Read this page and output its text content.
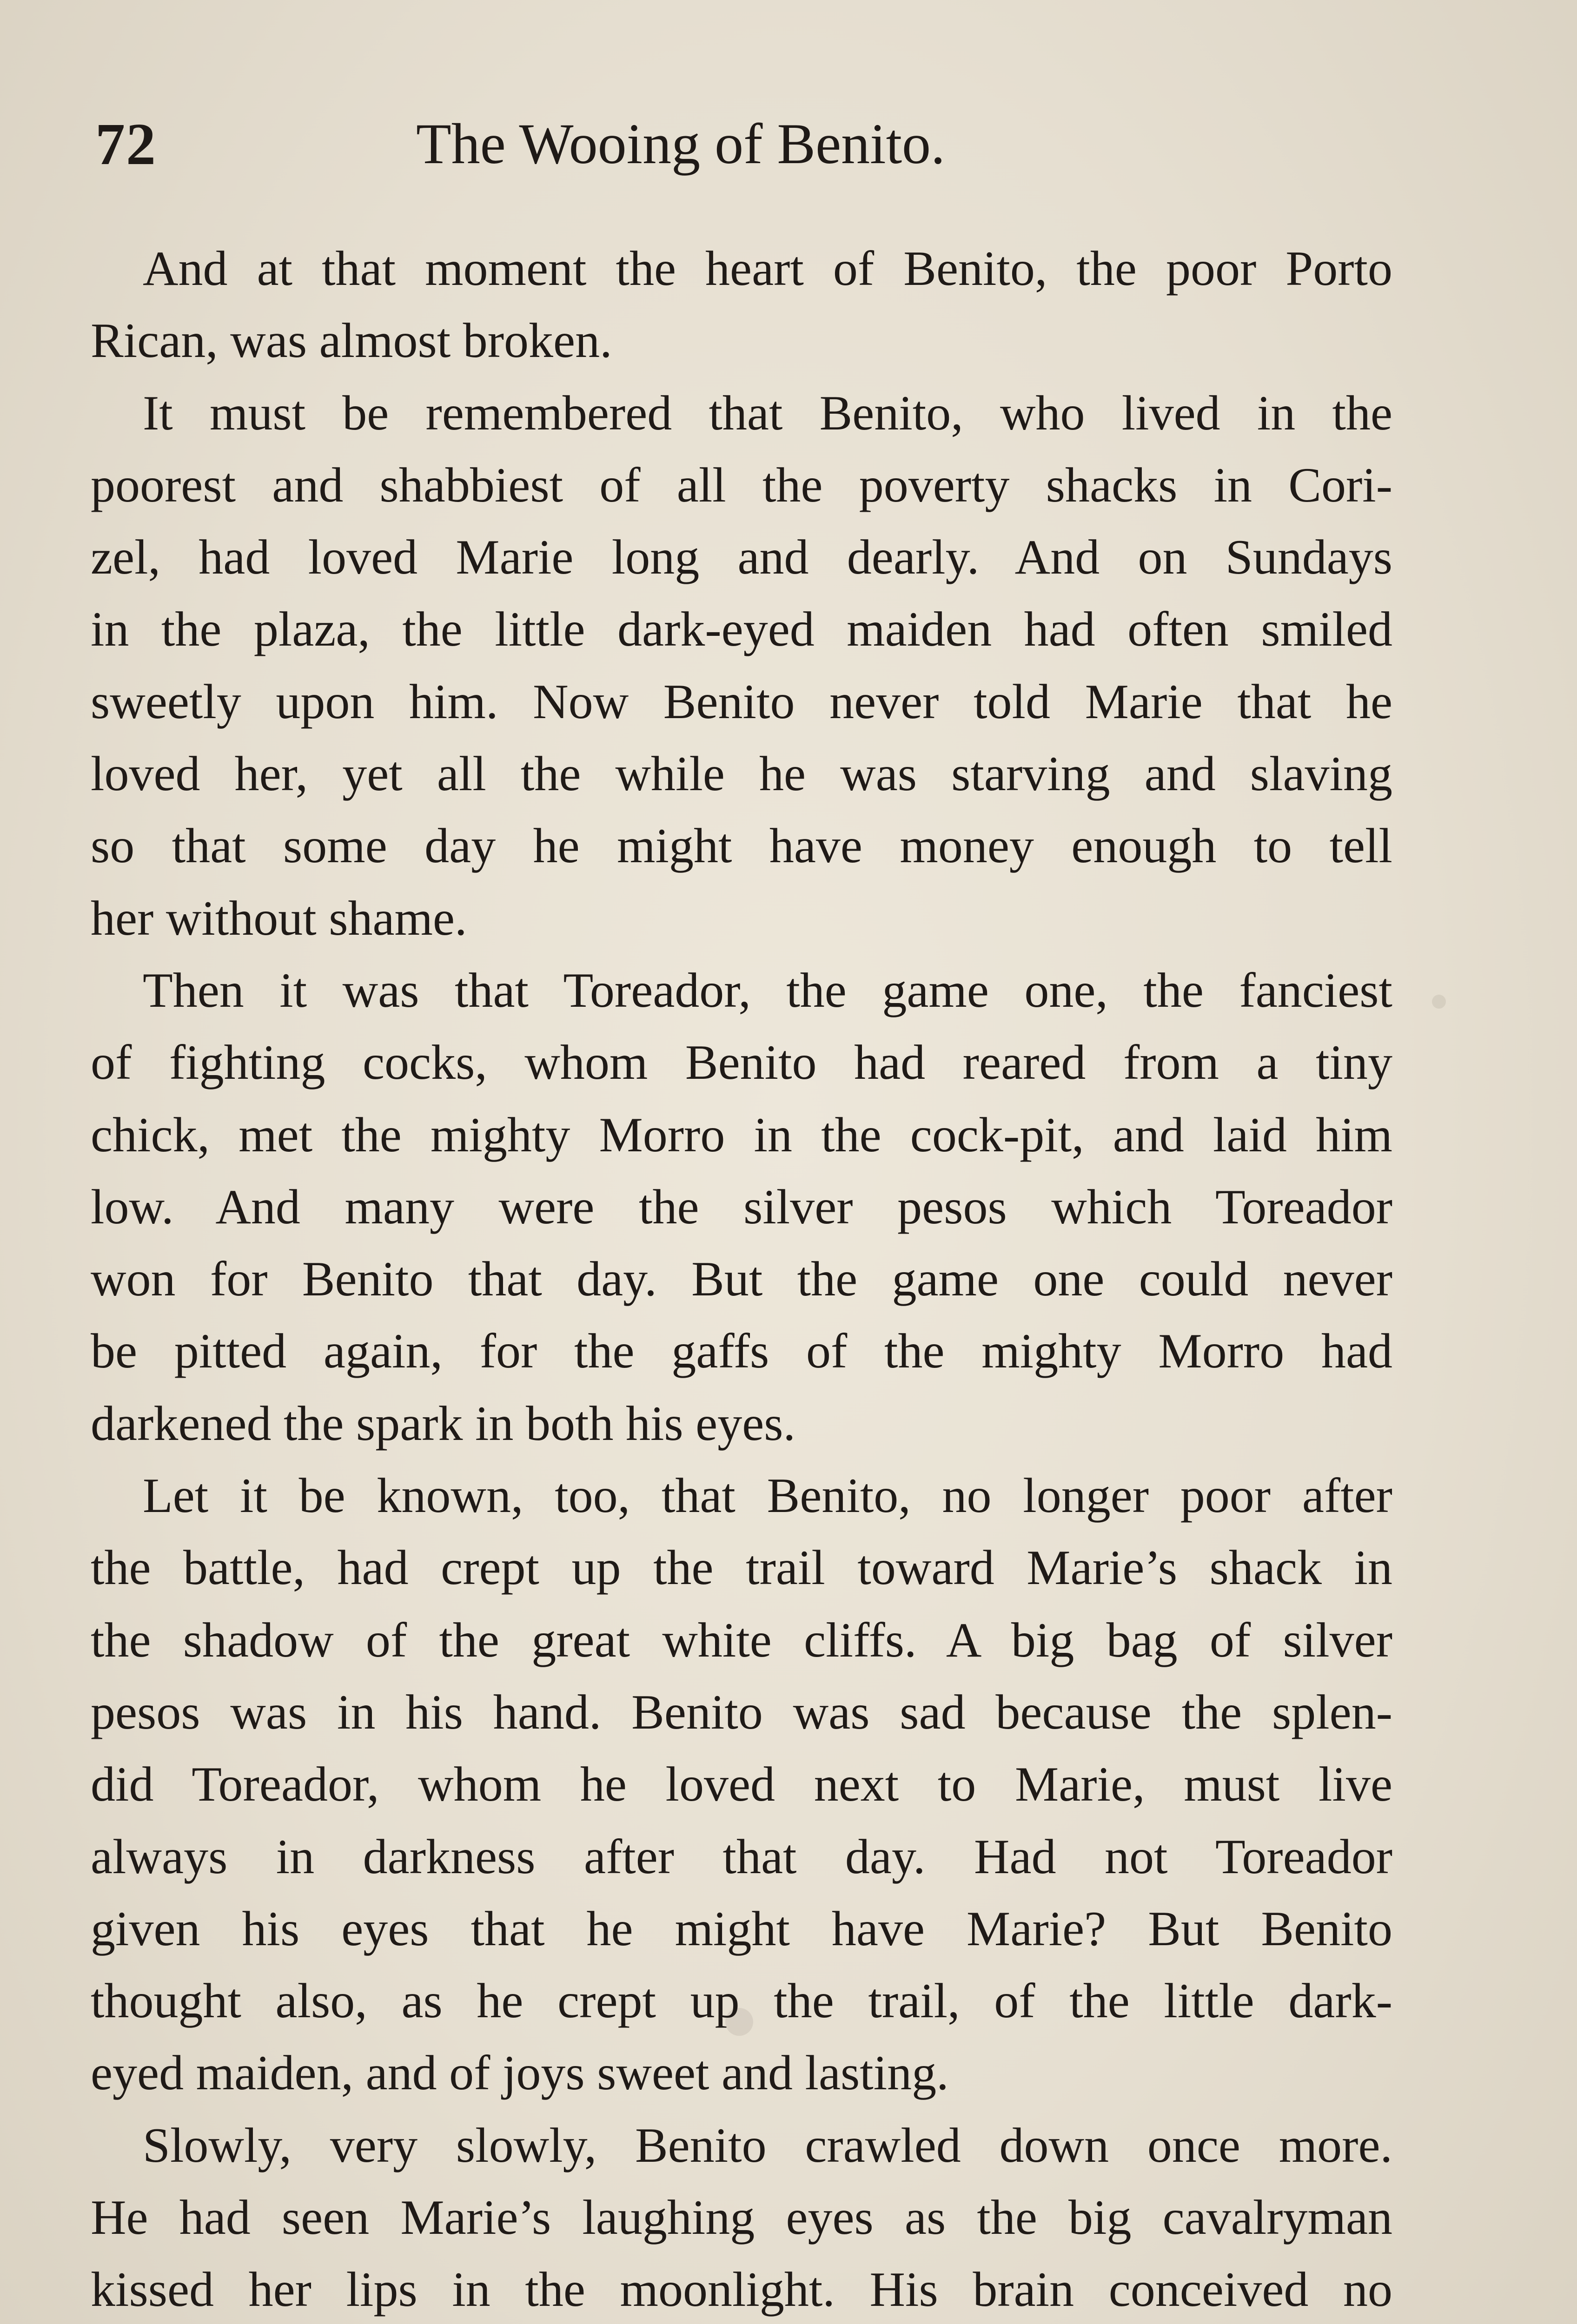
72	The Wooing of Benito.
And at that moment the heart of Benito, the poor Porto
Rican, was almost broken.
It must be remembered that Benito, who lived in the
poorest and shabbiest of all the poverty shacks in Cori-
zel, had loved Marie long and dearly. And on Sundays
in the plaza, the little dark-eyed maiden had often smiled
sweetly upon him. Now Benito never told Marie that he
loved her, yet all the while he was starving and slaving
so that some day he might have money enough to tell
her without shame.
Then it was that Toreador, the game one, the fanciest
of fighting cocks, whom Benito had reared from a tiny
chick, met the mighty Morro in the cock-pit, and laid him
low. And many were the silver pesos which Toreador
won for Benito that day. But the game one could never
be pitted again, for the gaffs of the mighty Morro had
darkened the spark in both his eyes.
Let it be known, too, that Benito, no longer poor after
the battle, had crept up the trail toward Marie’s shack in
the shadow of the great white cliffs. A big bag of silver
pesos was in his hand. Benito was sad because the splen-
did Toreador, whom he loved next to Marie, must live
always in darkness after that day. Had not Toreador
given his eyes that he might have Marie? But Benito
thought also, as he crept up the trail, of the little dark-
eyed maiden, and of joys sweet and lasting.
Slowly, very slowly, Benito crawled down once more.
He had seen Marie’s laughing eyes as the big cavalryman
kissed her lips in the moonlight. His brain conceived no
